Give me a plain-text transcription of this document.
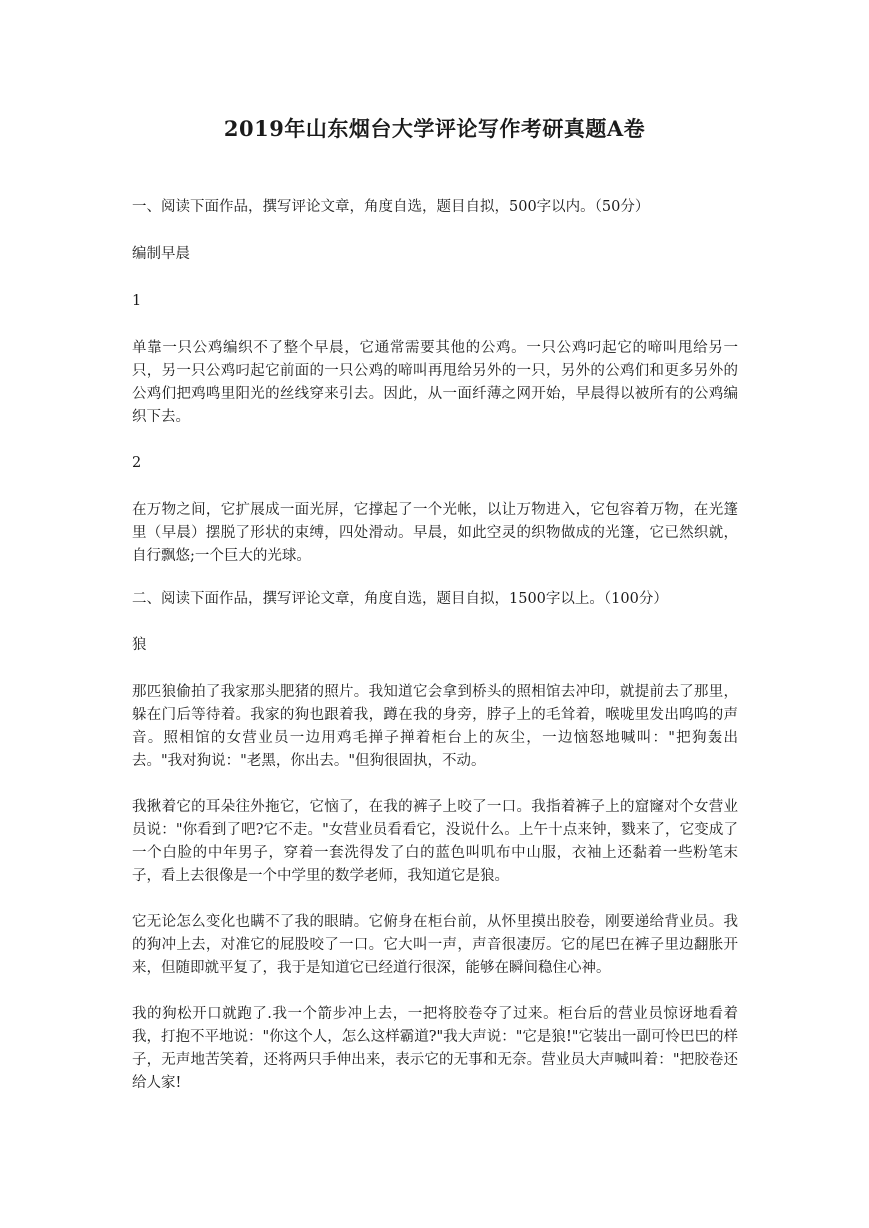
2019年山东烟台大学评论写作考研真题A卷

一、阅读下面作品，撰写评论文章，角度自选，题目自拟，500字以内。（50分）

编制早晨

1

单靠一只公鸡编织不了整个早晨，它通常需要其他的公鸡。一只公鸡叼起它的啼叫甩给另一只，另一只公鸡叼起它前面的一只公鸡的啼叫再甩给另外的一只，另外的公鸡们和更多另外的公鸡们把鸡鸣里阳光的丝线穿来引去。因此，从一面纤薄之网开始，早晨得以被所有的公鸡编织下去。

2

在万物之间，它扩展成一面光屏，它撑起了一个光帐，以让万物进入，它包容着万物，在光篷里（早晨）摆脱了形状的束缚，四处滑动。早晨，如此空灵的织物做成的光篷，它已然织就，自行飘悠;一个巨大的光球。

二、阅读下面作品，撰写评论文章，角度自选，题目自拟，1500字以上。（100分）

狼

那匹狼偷拍了我家那头肥猪的照片。我知道它会拿到桥头的照相馆去冲印，就提前去了那里，躲在门后等待着。我家的狗也跟着我，蹲在我的身旁，脖子上的毛耸着，喉咙里发出呜呜的声音。照相馆的女营业员一边用鸡毛掸子掸着柜台上的灰尘，一边恼怒地喊叫："把狗轰出去。"我对狗说："老黑，你出去。"但狗很固执，不动。

我揪着它的耳朵往外拖它，它恼了，在我的裤子上咬了一口。我指着裤子上的窟窿对个女营业员说："你看到了吧?它不走。"女营业员看看它，没说什么。上午十点来钟，戮来了，它变成了一个白脸的中年男子，穿着一套洗得发了白的蓝色叫叽布中山服，衣袖上还黏着一些粉笔末子，看上去很像是一个中学里的数学老师，我知道它是狼。

它无论怎么变化也瞒不了我的眼睛。它俯身在柜台前，从怀里摸出胶卷，刚要递给背业员。我的狗冲上去，对准它的屁股咬了一口。它大叫一声，声音很凄厉。它的尾巴在裤子里边翻胀开来，但随即就平复了，我于是知道它已经道行很深，能够在瞬间稳住心神。

我的狗松开口就跑了.我一个箭步冲上去，一把将胶卷夺了过来。柜台后的营业员惊讶地看着我，打抱不平地说："你这个人，怎么这样霸道?"我大声说："它是狼!"它装出一副可怜巴巴的样子，无声地苦笑着，还将两只手伸出来，表示它的无事和无奈。营业员大声喊叫着："把胶卷还给人家!
